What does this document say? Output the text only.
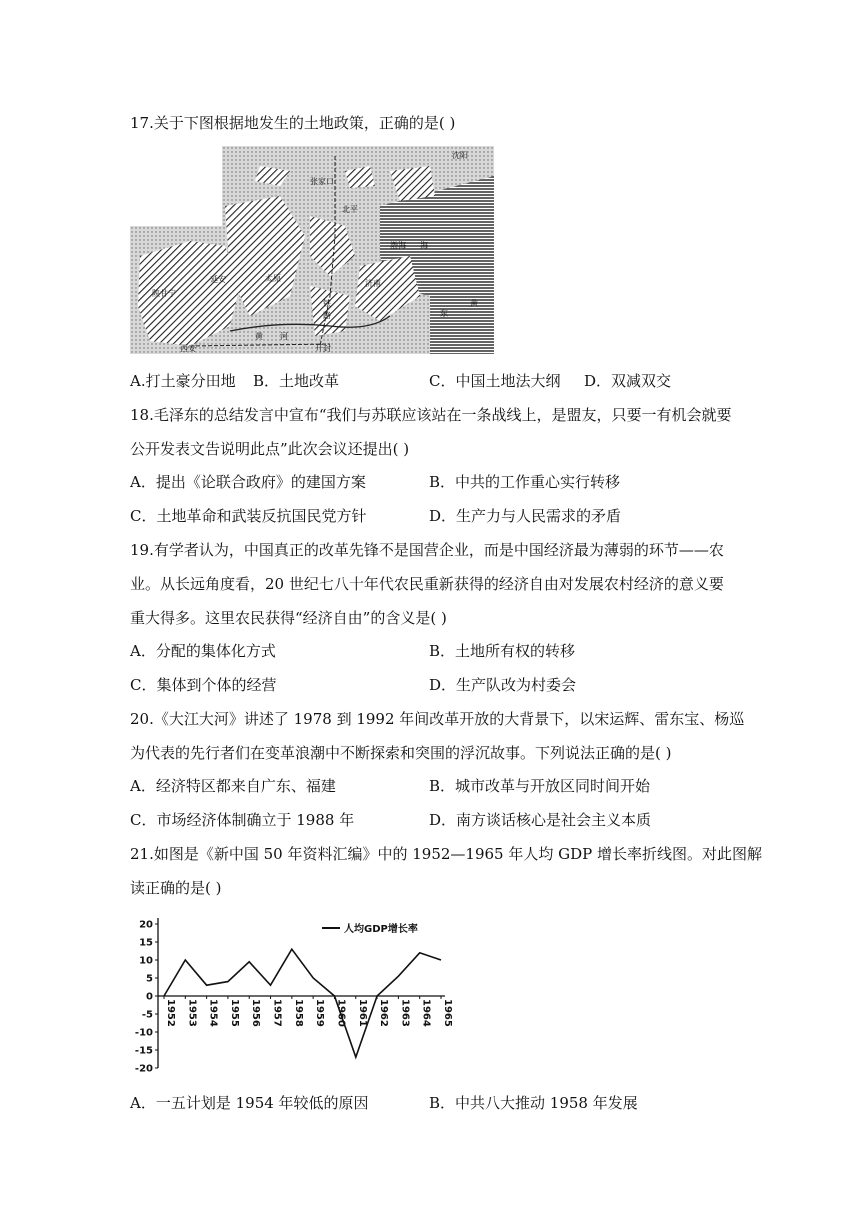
17.关于下图根据地发生的土地政策，正确的是( )
沈阳
张家口
北平
陕甘宁
延安	太原
济南
渤海
黄
东
黄 河
开封
西安
铁
路
海
A.打土豪分田地 B．土地改革	C．中国土地法大纲 D．双减双交
18.毛泽东的总结发言中宣布“我们与苏联应该站在一条战线上，是盟友，只要一有机会就要
公开发表文告说明此点”此次会议还提出( )
A．提出《论联合政府》的建国方案	B．中共的工作重心实行转移
C．土地革命和武装反抗国民党方针	D．生产力与人民需求的矛盾
19.有学者认为，中国真正的改革先锋不是国营企业，而是中国经济最为薄弱的环节——农
业。从长远角度看，20 世纪七八十年代农民重新获得的经济自由对发展农村经济的意义要
重大得多。这里农民获得“经济自由”的含义是( )
A．分配的集体化方式	B．土地所有权的转移
C．集体到个体的经营	D．生产队改为村委会
20.《大江大河》讲述了 1978 到 1992 年间改革开放的大背景下，以宋运辉、雷东宝、杨巡
为代表的先行者们在变革浪潮中不断探索和突围的浮沉故事。下列说法正确的是( )
A．经济特区都来自广东、福建	B．城市改革与开放区同时间开始
C．市场经济体制确立于 1988 年	D．南方谈话核心是社会主义本质
21.如图是《新中国 50 年资料汇编》中的 1952—1965 年人均 GDP 增长率折线图。对此图解
读正确的是( )
20
15
10
5
0
-5
-10
-15
-20
1952 1953 1954 1955 1956 1957 1958 1959 1960 1961 1962 1963 1964 1965
人均GDP增长率
A．一五计划是 1954 年较低的原因	B．中共八大推动 1958 年发展
